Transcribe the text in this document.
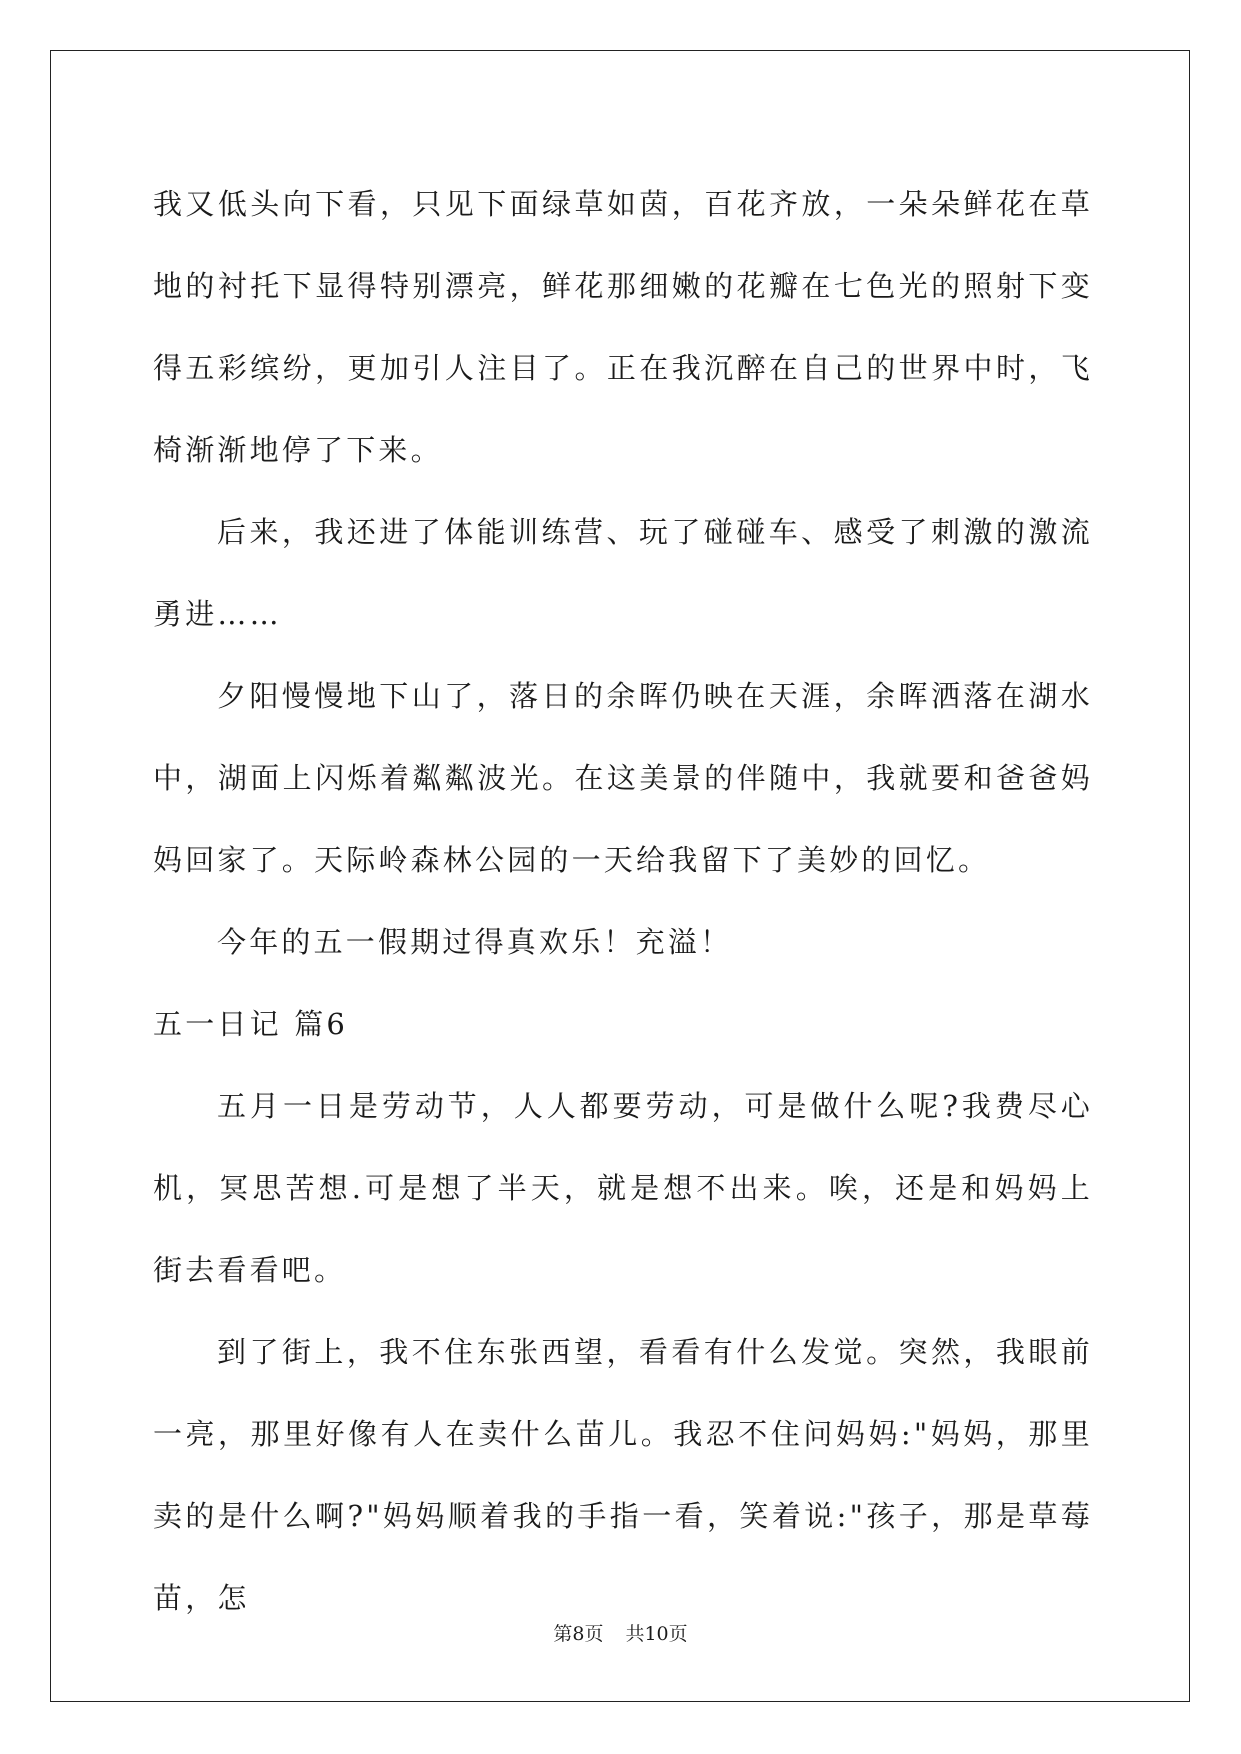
我又低头向下看，只见下面绿草如茵，百花齐放，一朵朵鲜花在草地的衬托下显得特别漂亮，鲜花那细嫩的花瓣在七色光的照射下变得五彩缤纷，更加引人注目了。正在我沉醉在自己的世界中时，飞椅渐渐地停了下来。

后来，我还进了体能训练营、玩了碰碰车、感受了刺激的激流勇进……

夕阳慢慢地下山了，落日的余晖仍映在天涯，余晖洒落在湖水中，湖面上闪烁着粼粼波光。在这美景的伴随中，我就要和爸爸妈妈回家了。天际岭森林公园的一天给我留下了美妙的回忆。

今年的五一假期过得真欢乐！充溢！

五一日记 篇6

五月一日是劳动节，人人都要劳动，可是做什么呢?我费尽心机，冥思苦想.可是想了半天，就是想不出来。唉，还是和妈妈上街去看看吧。

到了街上，我不住东张西望，看看有什么发觉。突然，我眼前一亮，那里好像有人在卖什么苗儿。我忍不住问妈妈:"妈妈，那里卖的是什么啊?"妈妈顺着我的手指一看，笑着说:"孩子，那是草莓苗，怎

第8页 共10页
